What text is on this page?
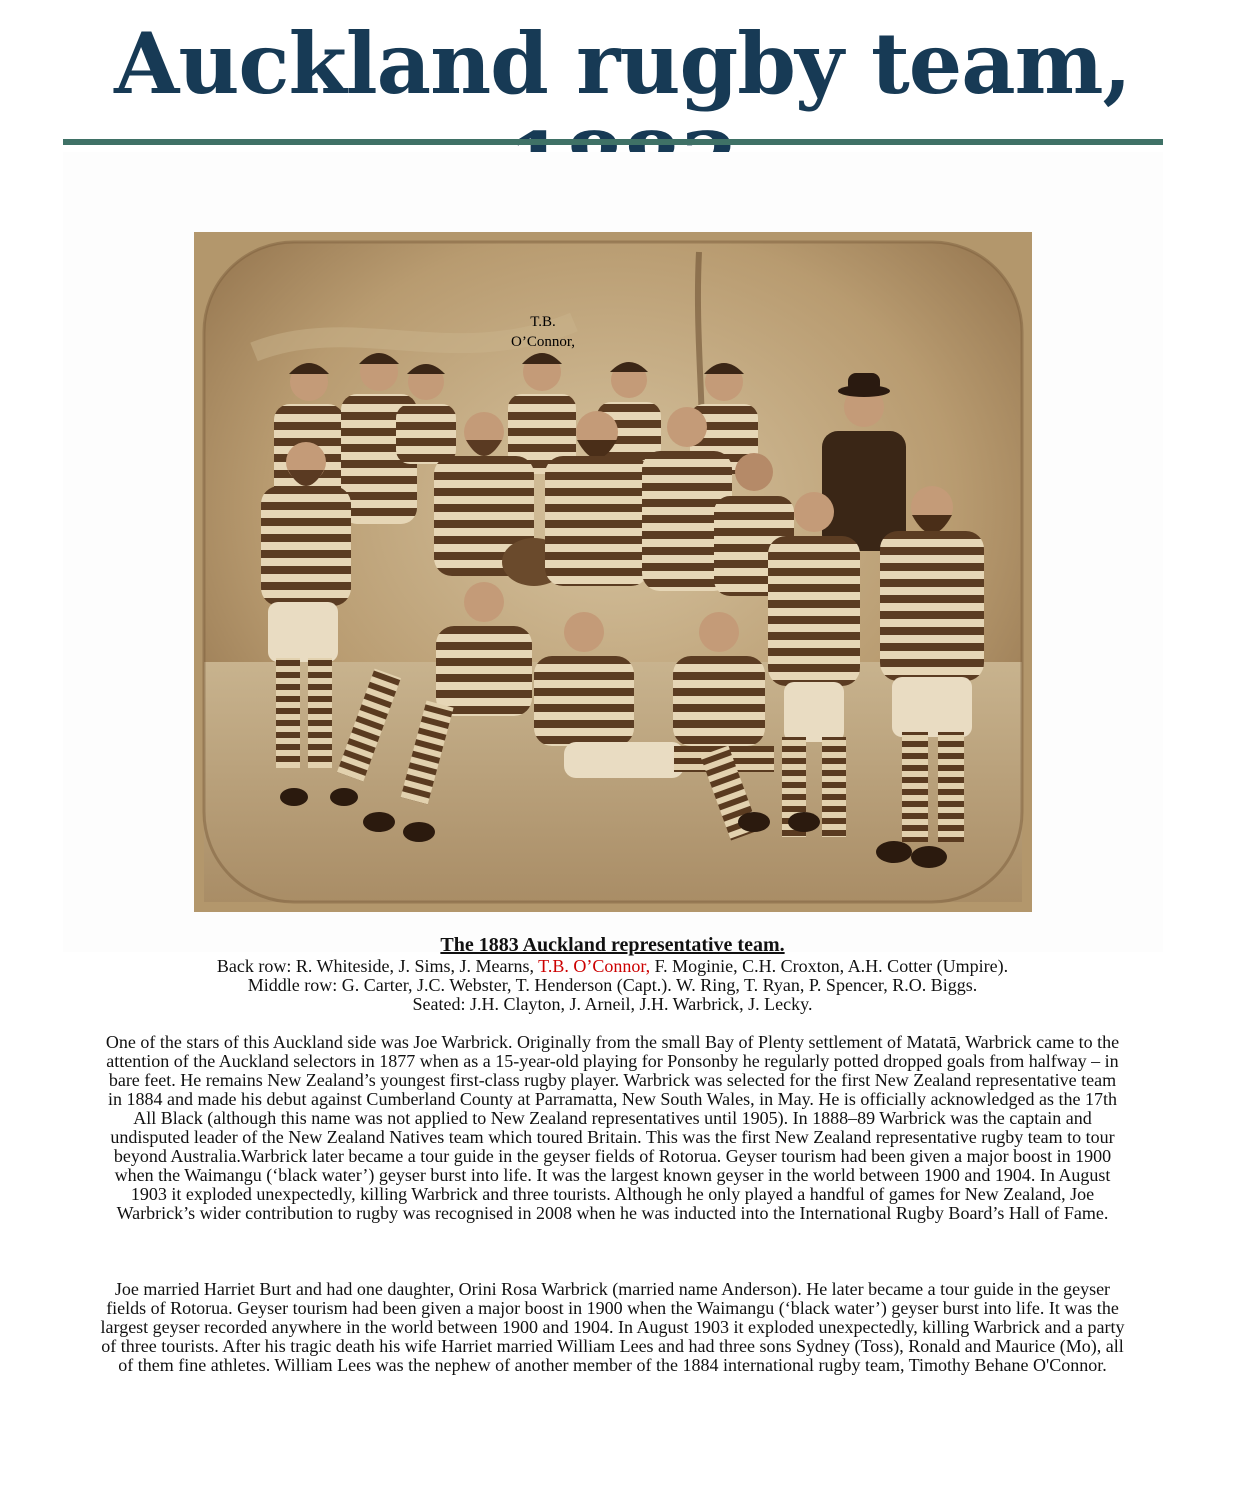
Auckland rugby team,
T.B.
O’Connor,

The 1883 Auckland representative team.

Back row: R. Whiteside, J. Sims, J. Mearns, T.B. O’Connor, F. Moginie, C.H. Croxton, A.H. Cotter (Umpire).

Middle row: G. Carter, J.C. Webster, T. Henderson (Capt.). W. Ring, T. Ryan, P. Spencer, R.O. Biggs.

Seated: J.H. Clayton, J. Arneil, J.H. Warbrick, J. Lecky.

One of the stars of this Auckland side was Joe Warbrick. Originally from the small Bay of Plenty settlement of Matatā, Warbrick came to the attention of the Auckland selectors in 1877 when as a 15-year-old playing for Ponsonby he regularly potted dropped goals from halfway – in bare feet. He remains New Zealand’s youngest first-class rugby player. Warbrick was selected for the first New Zealand representative team in 1884 and made his debut against Cumberland County at Parramatta, New South Wales, in May. He is officially acknowledged as the 17th All Black (although this name was not applied to New Zealand representatives until 1905). In 1888–89 Warbrick was the captain and undisputed leader of the New Zealand Natives team which toured Britain. This was the first New Zealand representative rugby team to tour beyond Australia.Warbrick later became a tour guide in the geyser fields of Rotorua. Geyser tourism had been given a major boost in 1900 when the Waimangu (‘black water’) geyser burst into life. It was the largest known geyser in the world between 1900 and 1904. In August 1903 it exploded unexpectedly, killing Warbrick and three tourists. Although he only played a handful of games for New Zealand, Joe Warbrick’s wider contribution to rugby was recognised in 2008 when he was inducted into the International Rugby Board’s Hall of Fame.

Joe married Harriet Burt and had one daughter, Orini Rosa Warbrick (married name Anderson). He later became a tour guide in the geyser fields of Rotorua. Geyser tourism had been given a major boost in 1900 when the Waimangu (‘black water’) geyser burst into life. It was the largest geyser recorded anywhere in the world between 1900 and 1904. In August 1903 it exploded unexpectedly, killing Warbrick and a party of three tourists. After his tragic death his wife Harriet married William Lees and had three sons Sydney (Toss), Ronald and Maurice (Mo), all of them fine athletes. William Lees was the nephew of another member of the 1884 international rugby team, Timothy Behane O'Connor.
